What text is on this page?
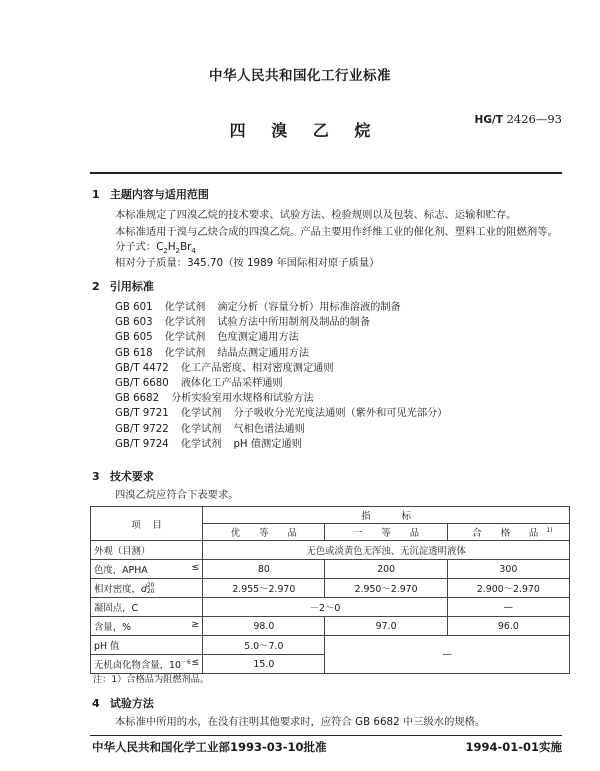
中华人民共和国化工行业标准
HG/T 2426—93
四 溴 乙 烷
1 主题内容与适用范围
本标准规定了四溴乙烷的技术要求、试验方法、检验规则以及包装、标志、运输和贮存。
本标准适用于溴与乙炔合成的四溴乙烷。产品主要用作纤维工业的催化剂、塑料工业的阻燃剂等。
分子式：$C_2H_2Br_4$
相对分子质量：345.70（按 1989 年国际相对原子质量）
2 引用标准
GB 601 化学试剂 滴定分析（容量分析）用标准溶液的制备
GB 603 化学试剂 试验方法中所用制剂及制品的制备
GB 605 化学试剂 色度测定通用方法
GB 618 化学试剂 结晶点测定通用方法
GB/T 4472 化工产品密度、相对密度测定通则
GB/T 6680 液体化工产品采样通则
GB 6682 分析实验室用水规格和试验方法
GB/T 9721 化学试剂 分子吸收分光光度法通则（紫外和可见光部分）
GB/T 9722 化学试剂 气相色谱法通则
GB/T 9724 化学试剂 pH 值测定通则
3 技术要求
四溴乙烷应符合下表要求。
项    目	指 标		
	优 等 品	一 等 品	合 格 品$^{1)}$
外观（目测）	无色或淡黄色无浑浊、无沉淀透明液体		
色度，APHA ≤	80	200	300
相对密度，d20
20	2.955～2.970	2.950～2.970	2.900～2.970
凝固点，C	－2～0		—
含量，% ≥	98.0	97.0	96.0
pH 值	5.0～7.0	—	
无机卤化物含量，$10^{-6}$ ≤	15.0		
注：1）合格品为阻燃剂品。
4 试验方法
本标准中所用的水，在没有注明其他要求时，应符合 GB 6682 中三级水的规格。
中华人民共和国化学工业部1993-03-10批准	1994-01-01实施
